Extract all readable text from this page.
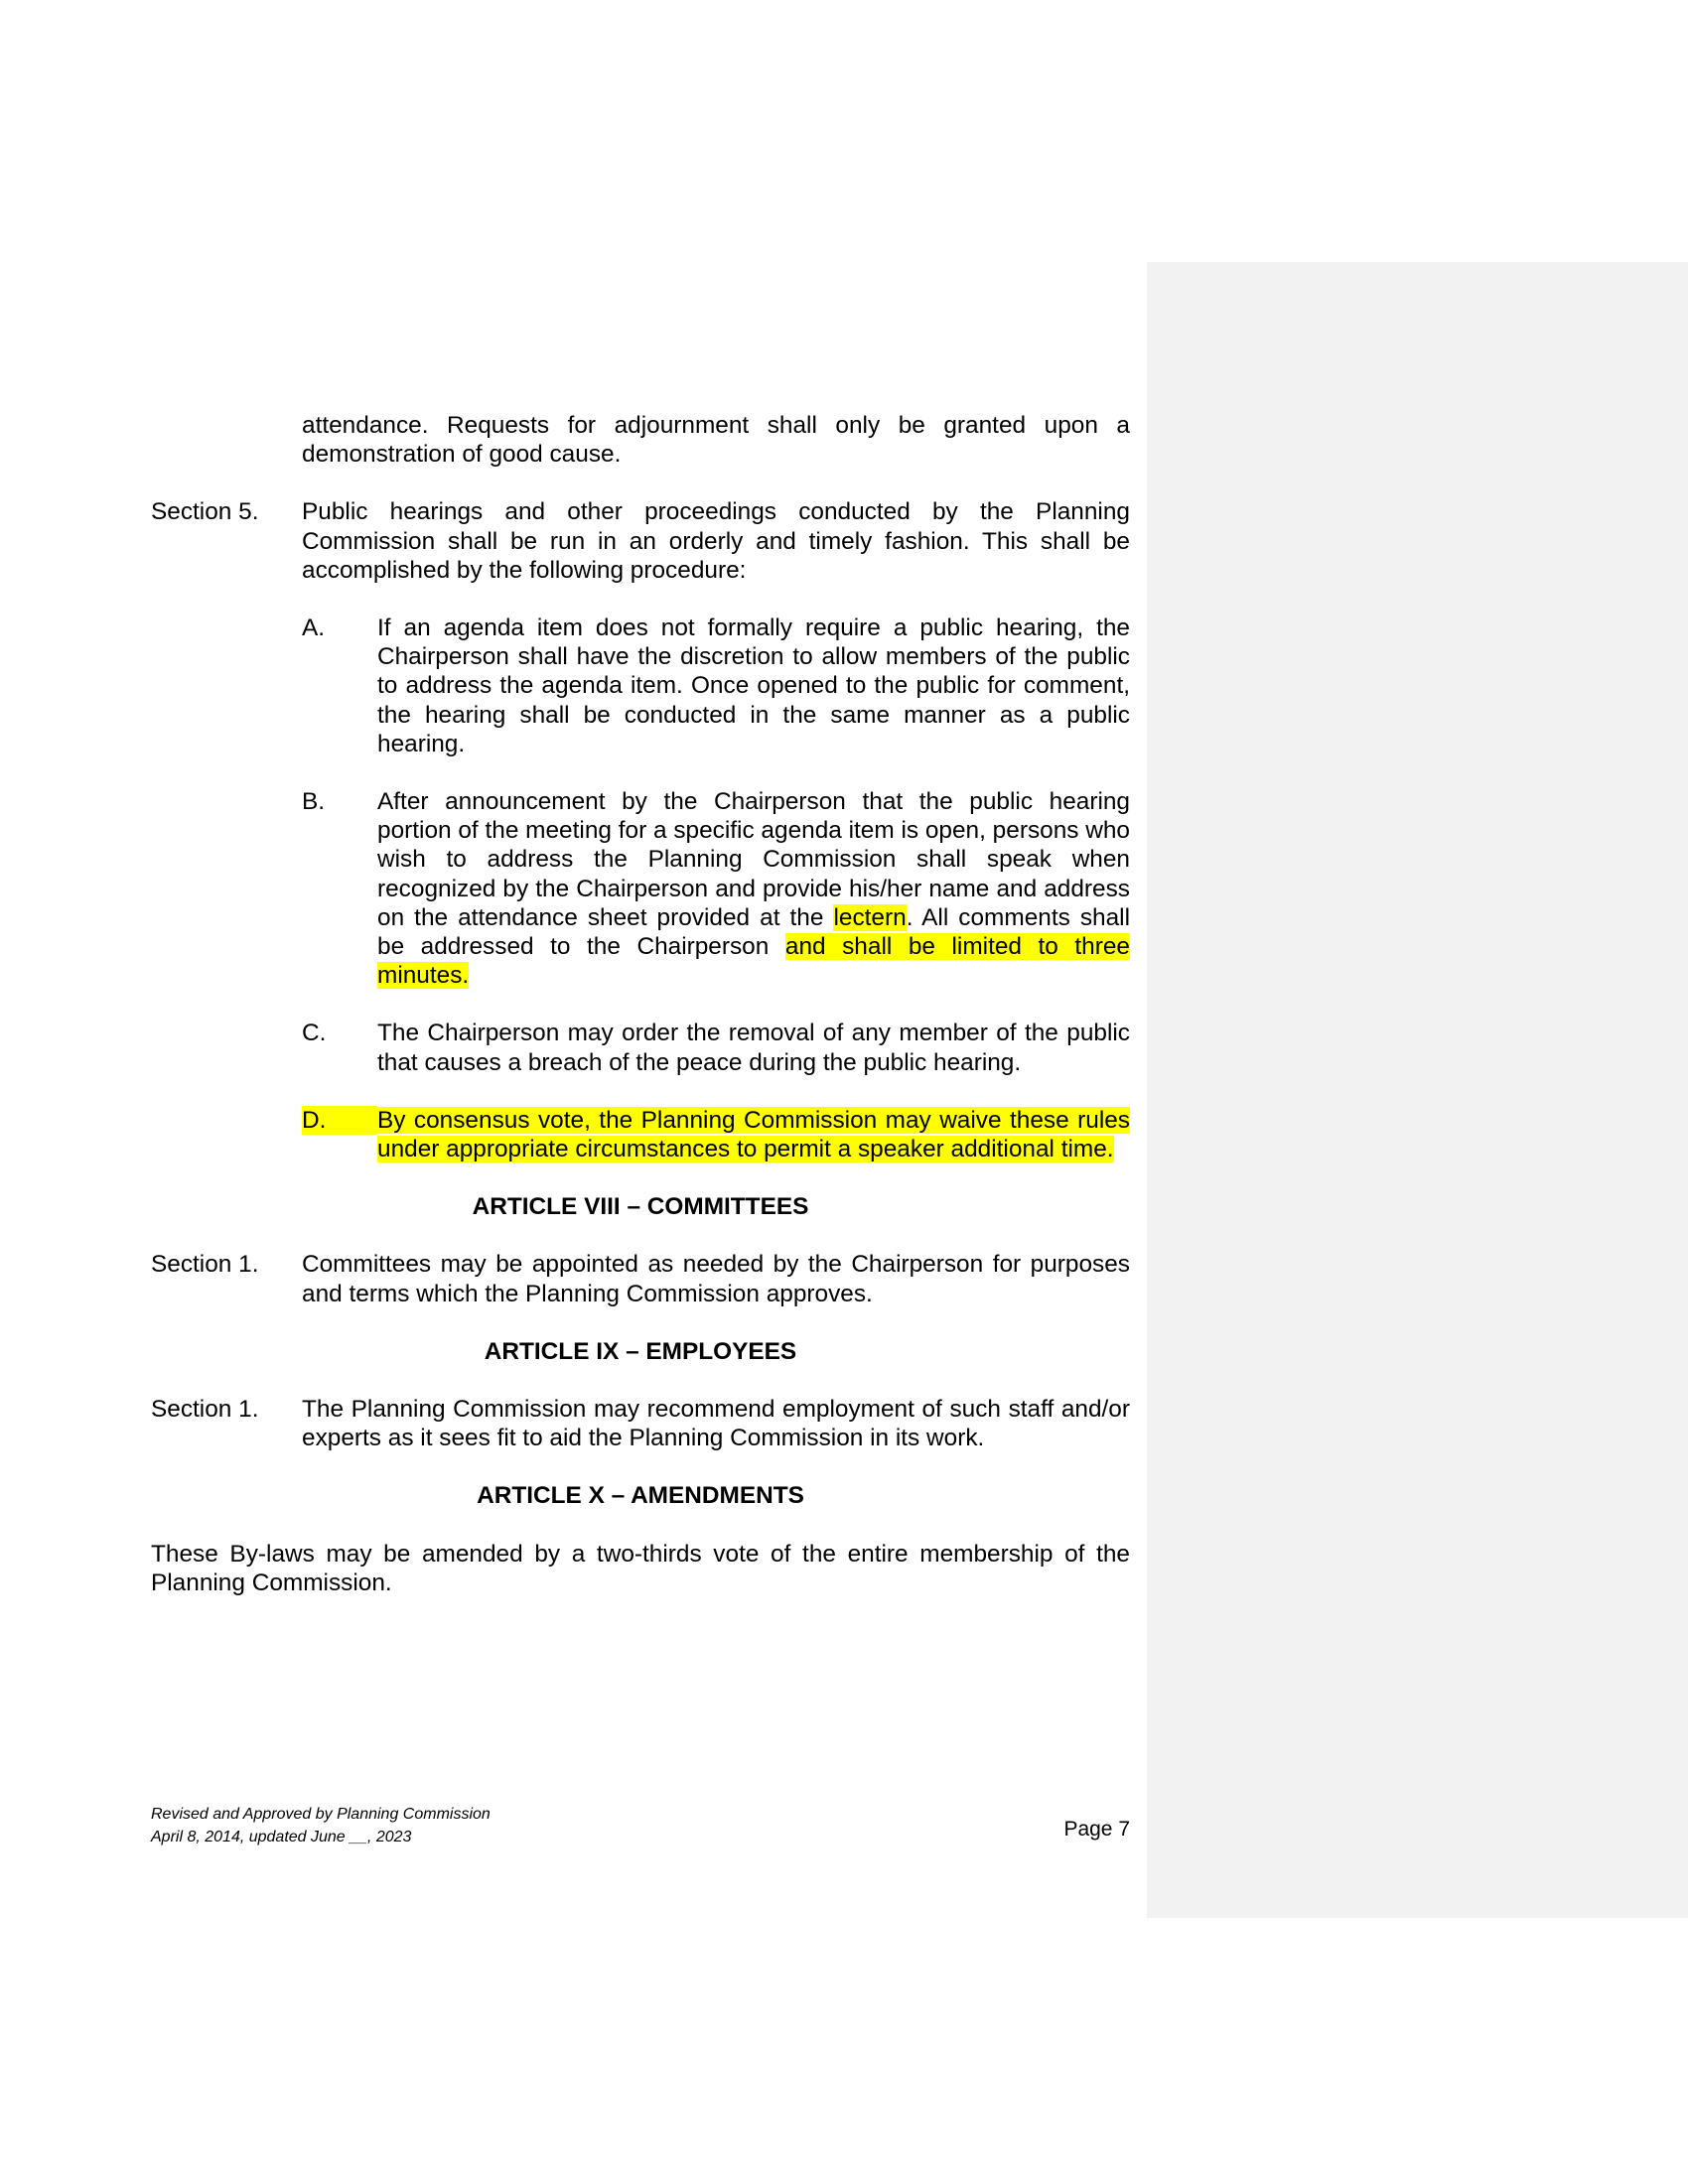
attendance. Requests for adjournment shall only be granted upon a demonstration of good cause.

Section 5.	Public hearings and other proceedings conducted by the Planning Commission shall be run in an orderly and timely fashion. This shall be accomplished by the following procedure:

A.	If an agenda item does not formally require a public hearing, the Chairperson shall have the discretion to allow members of the public to address the agenda item. Once opened to the public for comment, the hearing shall be conducted in the same manner as a public hearing.

B.	After announcement by the Chairperson that the public hearing portion of the meeting for a specific agenda item is open, persons who wish to address the Planning Commission shall speak when recognized by the Chairperson and provide his/her name and address on the attendance sheet provided at the lectern. All comments shall be addressed to the Chairperson and shall be limited to three minutes.

C.	The Chairperson may order the removal of any member of the public that causes a breach of the peace during the public hearing.

D.	By consensus vote, the Planning Commission may waive these rules under appropriate circumstances to permit a speaker additional time.

ARTICLE VIII – COMMITTEES

Section 1.	Committees may be appointed as needed by the Chairperson for purposes and terms which the Planning Commission approves.

ARTICLE IX – EMPLOYEES

Section 1.	The Planning Commission may recommend employment of such staff and/or experts as it sees fit to aid the Planning Commission in its work.

ARTICLE X – AMENDMENTS

These By-laws may be amended by a two-thirds vote of the entire membership of the Planning Commission.

Revised and Approved by Planning Commission
April 8, 2014, updated June __, 2023	Page 7
